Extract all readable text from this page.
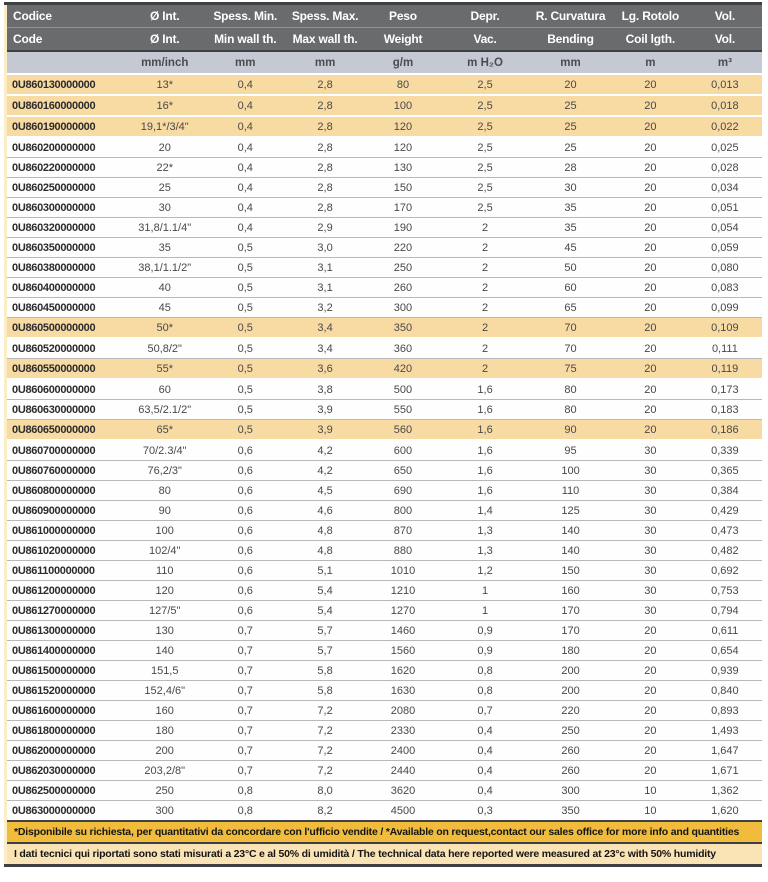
Codice	Ø Int.	Spess. Min.	Spess. Max.	Peso	Depr.	R. Curvatura	Lg. Rotolo	Vol.
Code	Ø Int.	Min wall th.	Max wall th.	Weight	Vac.	Bending	Coil lgth.	Vol.
	mm/inch	mm	mm	g/m	m H₂O	mm	m	m³
0U860130000000	13*	0,4	2,8	80	2,5	20	20	0,013
0U860160000000	16*	0,4	2,8	100	2,5	25	20	0,018
0U860190000000	19,1*/3/4"	0,4	2,8	120	2,5	25	20	0,022
0U860200000000	20	0,4	2,8	120	2,5	25	20	0,025
0U860220000000	22*	0,4	2,8	130	2,5	28	20	0,028
0U860250000000	25	0,4	2,8	150	2,5	30	20	0,034
0U860300000000	30	0,4	2,8	170	2,5	35	20	0,051
0U860320000000	31,8/1.1/4"	0,4	2,9	190	2	35	20	0,054
0U860350000000	35	0,5	3,0	220	2	45	20	0,059
0U860380000000	38,1/1.1/2"	0,5	3,1	250	2	50	20	0,080
0U860400000000	40	0,5	3,1	260	2	60	20	0,083
0U860450000000	45	0,5	3,2	300	2	65	20	0,099
0U860500000000	50*	0,5	3,4	350	2	70	20	0,109
0U860520000000	50,8/2"	0,5	3,4	360	2	70	20	0,111
0U860550000000	55*	0,5	3,6	420	2	75	20	0,119
0U860600000000	60	0,5	3,8	500	1,6	80	20	0,173
0U860630000000	63,5/2.1/2"	0,5	3,9	550	1,6	80	20	0,183
0U860650000000	65*	0,5	3,9	560	1,6	90	20	0,186
0U860700000000	70/2.3/4"	0,6	4,2	600	1,6	95	30	0,339
0U860760000000	76,2/3"	0,6	4,2	650	1,6	100	30	0,365
0U860800000000	80	0,6	4,5	690	1,6	110	30	0,384
0U860900000000	90	0,6	4,6	800	1,4	125	30	0,429
0U861000000000	100	0,6	4,8	870	1,3	140	30	0,473
0U861020000000	102/4"	0,6	4,8	880	1,3	140	30	0,482
0U861100000000	110	0,6	5,1	1010	1,2	150	30	0,692
0U861200000000	120	0,6	5,4	1210	1	160	30	0,753
0U861270000000	127/5"	0,6	5,4	1270	1	170	30	0,794
0U861300000000	130	0,7	5,7	1460	0,9	170	20	0,611
0U861400000000	140	0,7	5,7	1560	0,9	180	20	0,654
0U861500000000	151,5	0,7	5,8	1620	0,8	200	20	0,939
0U861520000000	152,4/6"	0,7	5,8	1630	0,8	200	20	0,840
0U861600000000	160	0,7	7,2	2080	0,7	220	20	0,893
0U861800000000	180	0,7	7,2	2330	0,4	250	20	1,493
0U862000000000	200	0,7	7,2	2400	0,4	260	20	1,647
0U862030000000	203,2/8"	0,7	7,2	2440	0,4	260	20	1,671
0U862500000000	250	0,8	8,0	3620	0,4	300	10	1,362
0U863000000000	300	0,8	8,2	4500	0,3	350	10	1,620
*Disponibile su richiesta, per quantitativi da concordare con l'ufficio vendite / *Available on request,contact our sales office for more info and quantities								
I dati tecnici qui riportati sono stati misurati a 23°C e al 50% di umidità / The technical data here reported were measured at 23°c with 50% humidity								
